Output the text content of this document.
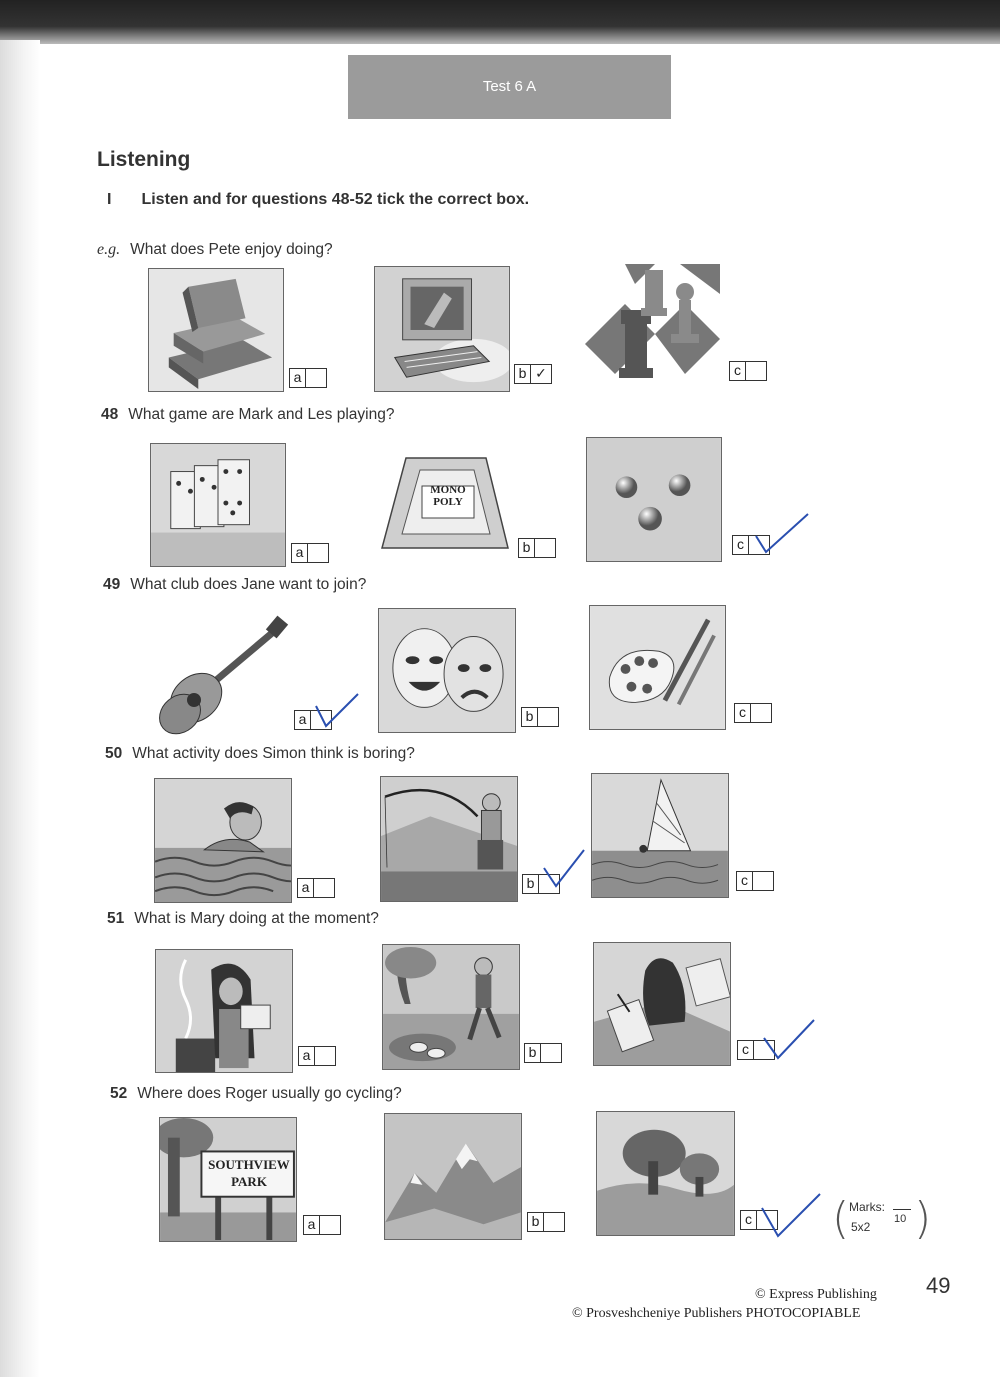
Test 6 A
Listening
I Listen and for questions 48-52 tick the correct box.
e.g. What does Pete enjoy doing?
a	b ✓	c
48 What game are Mark and Les playing?
a
MONO
POLY
b	c
49 What club does Jane want to join?
a	b	c
50 What activity does Simon think is boring?
a	b	c
51 What is Mary doing at the moment?
a	b	c
52 Where does Roger usually go cycling?
SOUTHVIEW
PARK
a	b	c ( Marks:
5x2
10 )
© Express Publishing
© Prosveshcheniye Publishers PHOTOCOPIABLE
49
